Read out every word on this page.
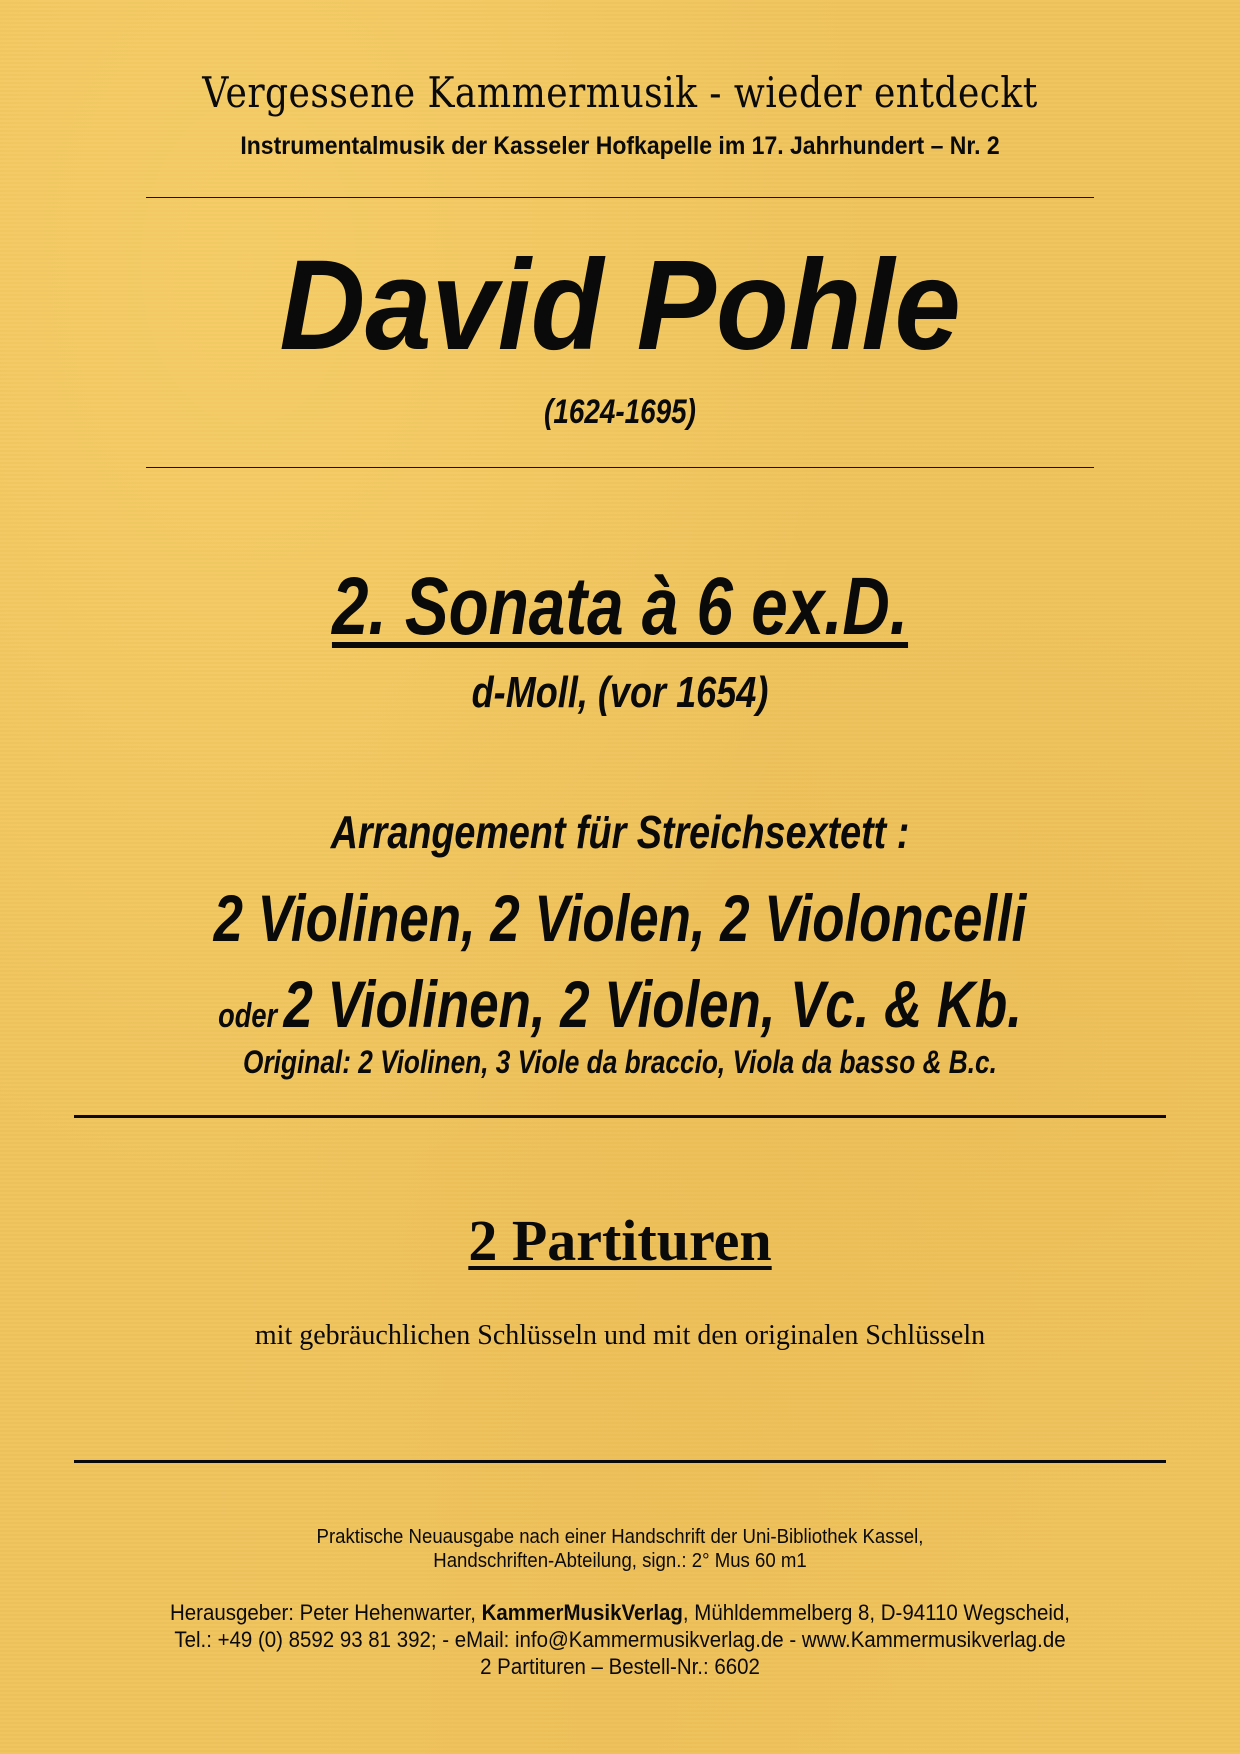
Vergessene Kammermusik - wieder entdeckt
Instrumentalmusik der Kasseler Hofkapelle im 17. Jahrhundert – Nr. 2
David Pohle
(1624-1695)
2. Sonata à 6 ex.D.
d-Moll, (vor 1654)
Arrangement für Streichsextett :
2 Violinen, 2 Violen, 2 Violoncelli
oder2 Violinen, 2 Violen, Vc. & Kb.
Original: 2 Violinen, 3 Viole da braccio, Viola da basso & B.c.
2 Partituren
mit gebräuchlichen Schlüsseln und mit den originalen Schlüsseln
Praktische Neuausgabe nach einer Handschrift der Uni-Bibliothek Kassel,
Handschriften-Abteilung, sign.: 2° Mus 60 m1
Herausgeber: Peter Hehenwarter, KammerMusikVerlag, Mühldemmelberg 8, D-94110 Wegscheid,
Tel.: +49 (0) 8592 93 81 392; - eMail: info@Kammermusikverlag.de - www.Kammermusikverlag.de
2 Partituren – Bestell-Nr.: 6602
